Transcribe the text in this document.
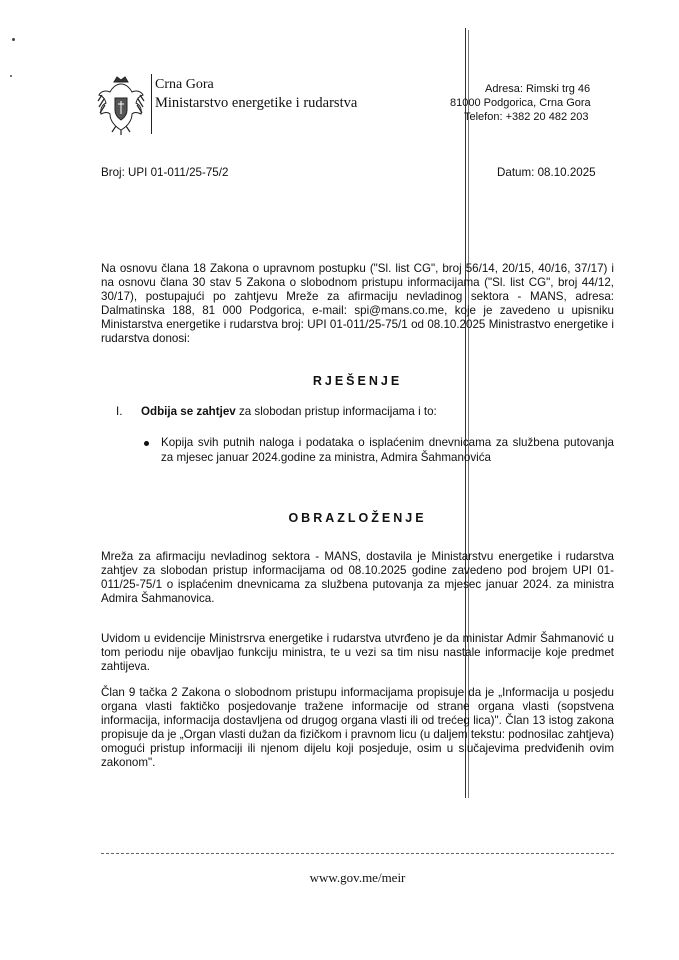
Crna Gora
Ministarstvo energetike i rudarstva
Adresa: Rimski trg 46
81000 Podgorica, Crna Gora
Telefon: +382 20 482 203
Broj: UPI 01-011/25-75/2	Datum: 08.10.2025
Na osnovu člana 18 Zakona o upravnom postupku ("Sl. list CG", broj 56/14, 20/15, 40/16, 37/17) i na osnovu člana 30 stav 5 Zakona o slobodnom pristupu informacijama ("Sl. list CG", broj 44/12, 30/17), postupajući po zahtjevu Mreže za afirmaciju nevladinog sektora - MANS, adresa: Dalmatinska 188, 81 000 Podgorica, e-mail: spi@mans.co.me, koje je zavedeno u upisniku Ministarstva energetike i rudarstva broj: UPI 01-011/25-75/1 od 08.10.2025 Ministrastvo energetike i rudarstva donosi:
RJEŠENJE
I. Odbija se zahtjev za slobodan pristup informacijama i to:
Kopija svih putnih naloga i podataka o isplaćenim dnevnicama za službena putovanja za mjesec januar 2024.godine za ministra, Admira Šahmanovića
OBRAZLOŽENJE
Mreža za afirmaciju nevladinog sektora - MANS, dostavila je Ministarstvu energetike i rudarstva zahtjev za slobodan pristup informacijama od 08.10.2025 godine zavedeno pod brojem UPI 01-011/25-75/1 o isplaćenim dnevnicama za službena putovanja za mjesec januar 2024. za ministra Admira Šahmanovica.
Uvidom u evidencije Ministrsrva energetike i rudarstva utvrđeno je da ministar Admir Šahmanović u tom periodu nije obavljao funkciju ministra, te u vezi sa tim nisu nastale informacije koje predmet zahtijeva.
Član 9 tačka 2 Zakona o slobodnom pristupu informacijama propisuje da je „Informacija u posjedu organa vlasti faktičko posjedovanje tražene informacije od strane organa vlasti (sopstvena informacija, informacija dostavljena od drugog organa vlasti ili od trećeg lica)". Član 13 istog zakona propisuje da je „Organ vlasti dužan da fizičkom i pravnom licu (u daljem tekstu: podnosilac zahtjeva) omogući pristup informaciji ili njenom dijelu koji posjeduje, osim u slučajevima predviđenih ovim zakonom".
www.gov.me/meir
